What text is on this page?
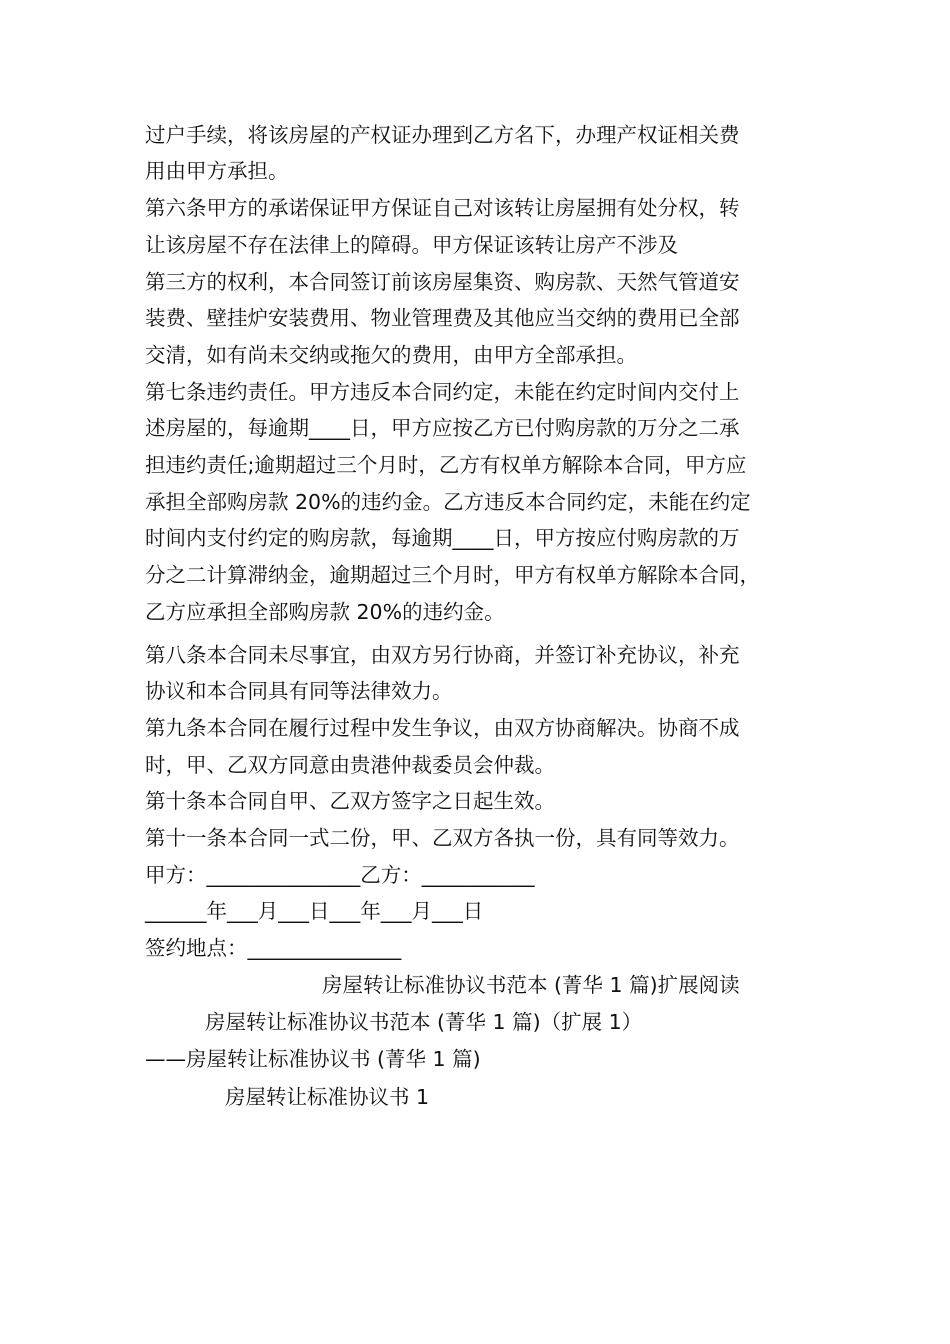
过户手续，将该房屋的产权证办理到乙方名下，办理产权证相关费
用由甲方承担。
第六条甲方的承诺保证甲方保证自己对该转让房屋拥有处分权，转
让该房屋不存在法律上的障碍。甲方保证该转让房产不涉及
第三方的权利，本合同签订前该房屋集资、购房款、天然气管道安
装费、壁挂炉安装费用、物业管理费及其他应当交纳的费用已全部
交清，如有尚未交纳或拖欠的费用，由甲方全部承担。
第七条违约责任。甲方违反本合同约定，未能在约定时间内交付上
述房屋的，每逾期____日，甲方应按乙方已付购房款的万分之二承
担违约责任;逾期超过三个月时，乙方有权单方解除本合同，甲方应
承担全部购房款 20%的违约金。乙方违反本合同约定，未能在约定
时间内支付约定的购房款，每逾期____日，甲方按应付购房款的万
分之二计算滞纳金，逾期超过三个月时，甲方有权单方解除本合同，
乙方应承担全部购房款 20%的违约金。
第八条本合同未尽事宜，由双方另行协商，并签订补充协议，补充
协议和本合同具有同等法律效力。
第九条本合同在履行过程中发生争议，由双方协商解决。协商不成
时，甲、乙双方同意由贵港仲裁委员会仲裁。
第十条本合同自甲、乙双方签字之日起生效。
第十一条本合同一式二份，甲、乙双方各执一份，具有同等效力。
甲方：_______________乙方：___________
______年___月___日___年___月___日
签约地点：_______________
房屋转让标准协议书范本 (菁华 1 篇)扩展阅读
房屋转让标准协议书范本 (菁华 1 篇)（扩展 1）
——房屋转让标准协议书 (菁华 1 篇)
房屋转让标准协议书 1
